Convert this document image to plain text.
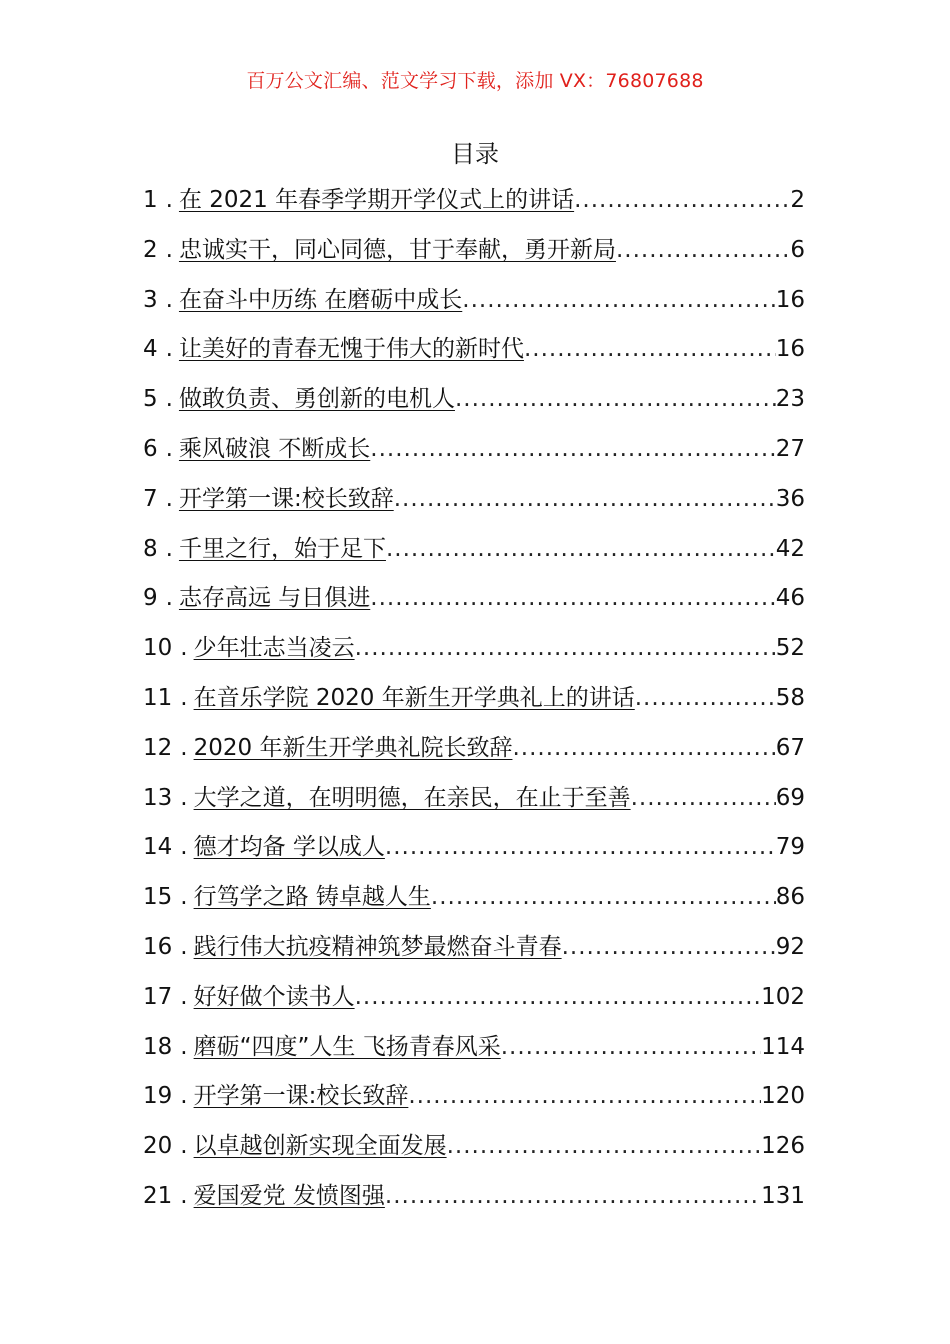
百万公文汇编、范文学习下载，添加 VX：76807688
目录
1 . 在 2021 年春季学期开学仪式上的讲话 .....	2
2 . 忠诚实干，同心同德，甘于奉献，勇开新局 .....	6
3 . 在奋斗中历练 在磨砺中成长 .....	16
4 . 让美好的青春无愧于伟大的新时代 .....	16
5 . 做敢负责、勇创新的电机人 .....	23
6 . 乘风破浪 不断成长 .....	27
7 . 开学第一课:校长致辞 .....	36
8 . 千里之行，始于足下 .....	42
9 . 志存高远 与日俱进 .....	46
10 . 少年壮志当凌云 .....	52
11 . 在音乐学院 2020 年新生开学典礼上的讲话 .....	58
12 . 2020 年新生开学典礼院长致辞 .....	67
13 . 大学之道，在明明德，在亲民，在止于至善 .....	69
14 . 德才均备 学以成人 .....	79
15 . 行笃学之路 铸卓越人生 .....	86
16 . 践行伟大抗疫精神筑梦最燃奋斗青春 .....	92
17 . 好好做个读书人 .....	102
18 . 磨砺“四度”人生 飞扬青春风采 .....	114
19 . 开学第一课:校长致辞 .....	120
20 . 以卓越创新实现全面发展 .....	126
21 . 爱国爱党 发愤图强 .....	131
